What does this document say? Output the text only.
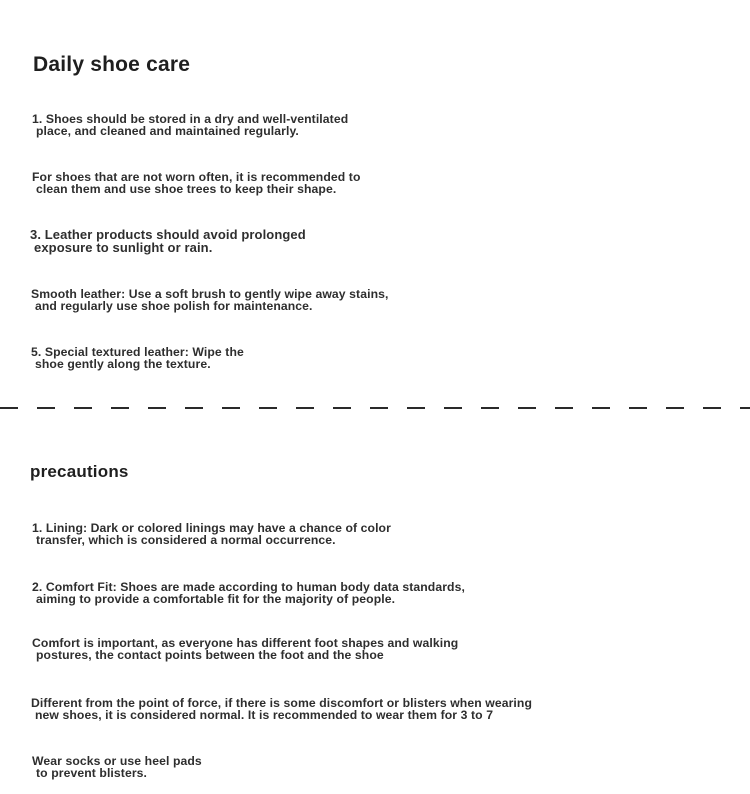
Daily shoe care

1. Shoes should be stored in a dry and well-ventilated
place, and cleaned and maintained regularly.

For shoes that are not worn often, it is recommended to
clean them and use shoe trees to keep their shape.

3. Leather products should avoid prolonged
exposure to sunlight or rain.

Smooth leather: Use a soft brush to gently wipe away stains,
and regularly use shoe polish for maintenance.

5. Special textured leather: Wipe the
shoe gently along the texture.

precautions

1. Lining: Dark or colored linings may have a chance of color
transfer, which is considered a normal occurrence.

2. Comfort Fit: Shoes are made according to human body data standards,
aiming to provide a comfortable fit for the majority of people.

Comfort is important, as everyone has different foot shapes and walking
postures, the contact points between the foot and the shoe

Different from the point of force, if there is some discomfort or blisters when wearing
new shoes, it is considered normal. It is recommended to wear them for 3 to 7

Wear socks or use heel pads
to prevent blisters.
